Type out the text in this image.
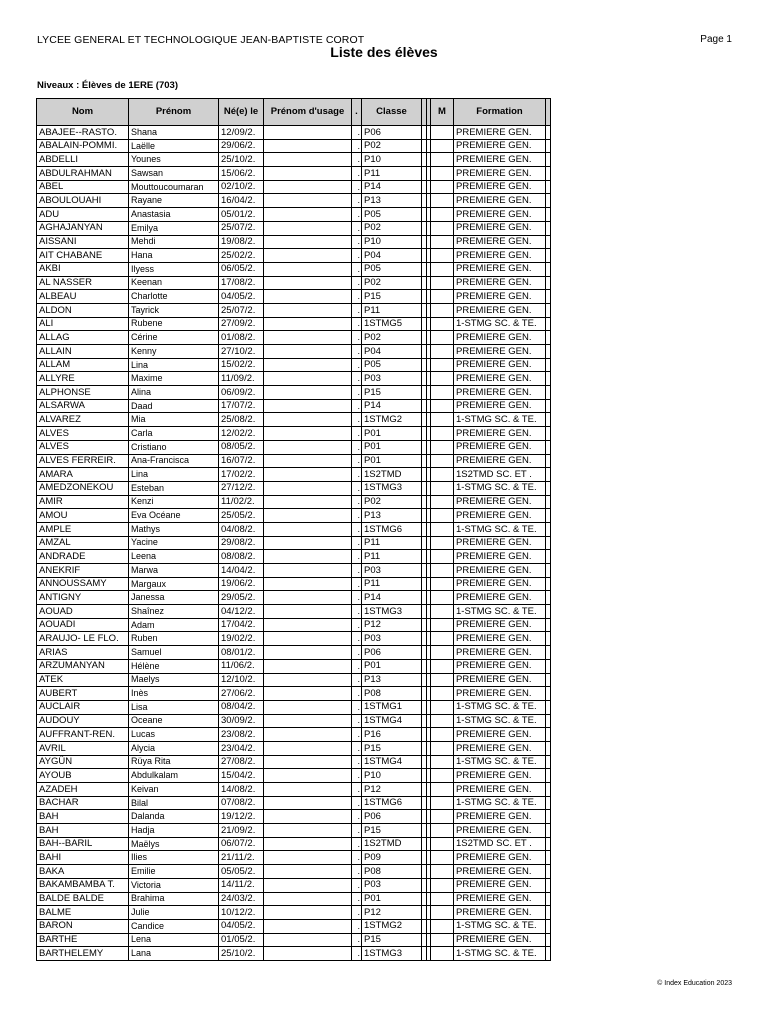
LYCEE GENERAL ET TECHNOLOGIQUE JEAN-BAPTISTE COROT	Page 1
Liste des élèves
Niveaux : Élèves de 1ERE (703)
Nom	Prénom	Né(e) le	Prénom d'usage	.	Classe			M	Formation	
ABAJEE--RASTO.	Shana	12/09/2.		.	P06				PREMIERE GEN.	
ABALAIN-POMMI.	Laëlle	29/06/2.		.	P02				PREMIERE GEN.	
ABDELLI	Younes	25/10/2.		.	P10				PREMIERE GEN.	
ABDULRAHMAN	Sawsan	15/06/2.		.	P11				PREMIERE GEN.	
ABEL	Mouttoucoumaran	02/10/2.		.	P14				PREMIERE GEN.	
ABOULOUAHI	Rayane	16/04/2.		.	P13				PREMIERE GEN.	
ADU	Anastasia	05/01/2.		.	P05				PREMIERE GEN.	
AGHAJANYAN	Emilya	25/07/2.		.	P02				PREMIERE GEN.	
AISSANI	Mehdi	19/08/2.		.	P10				PREMIERE GEN.	
AIT CHABANE	Hana	25/02/2.		.	P04				PREMIERE GEN.	
AKBI	Ilyess	06/05/2.		.	P05				PREMIERE GEN.	
AL NASSER	Keenan	17/08/2.		.	P02				PREMIERE GEN.	
ALBEAU	Charlotte	04/05/2.		.	P15				PREMIERE GEN.	
ALDON	Tayrick	25/07/2.		.	P11				PREMIERE GEN.	
ALI	Rubene	27/09/2.		.	1STMG5				1-STMG SC. & TE.	
ALLAG	Cérine	01/08/2.		.	P02				PREMIERE GEN.	
ALLAIN	Kenny	27/10/2.		.	P04				PREMIERE GEN.	
ALLAM	Lina	15/02/2.		.	P05				PREMIERE GEN.	
ALLYRE	Maxime	11/09/2.		.	P03				PREMIERE GEN.	
ALPHONSE	Alina	06/09/2.		.	P15				PREMIERE GEN.	
ALSARWA	Daad	17/07/2.		.	P14				PREMIERE GEN.	
ALVAREZ	Mia	25/08/2.		.	1STMG2				1-STMG SC. & TE.	
ALVES	Carla	12/02/2.		.	P01				PREMIERE GEN.	
ALVES	Cristiano	08/05/2.		.	P01				PREMIERE GEN.	
ALVES FERREIR.	Ana-Francisca	16/07/2.		.	P01				PREMIERE GEN.	
AMARA	Lina	17/02/2.		.	1S2TMD				1S2TMD SC. ET .	
AMEDZONEKOU	Esteban	27/12/2.		.	1STMG3				1-STMG SC. & TE.	
AMIR	Kenzi	11/02/2.		.	P02				PREMIERE GEN.	
AMOU	Eva Océane	25/05/2.		.	P13				PREMIERE GEN.	
AMPLE	Mathys	04/08/2.		.	1STMG6				1-STMG SC. & TE.	
AMZAL	Yacine	29/08/2.		.	P11				PREMIERE GEN.	
ANDRADE	Leena	08/08/2.		.	P11				PREMIERE GEN.	
ANEKRIF	Marwa	14/04/2.		.	P03				PREMIERE GEN.	
ANNOUSSAMY	Margaux	19/06/2.		.	P11				PREMIERE GEN.	
ANTIGNY	Janessa	29/05/2.		.	P14				PREMIERE GEN.	
AOUAD	Shaînez	04/12/2.		.	1STMG3				1-STMG SC. & TE.	
AOUADI	Adam	17/04/2.		.	P12				PREMIERE GEN.	
ARAUJO- LE FLO.	Ruben	19/02/2.		.	P03				PREMIERE GEN.	
ARIAS	Samuel	08/01/2.		.	P06				PREMIERE GEN.	
ARZUMANYAN	Hélène	11/06/2.		.	P01				PREMIERE GEN.	
ATEK	Maelys	12/10/2.		.	P13				PREMIERE GEN.	
AUBERT	Inès	27/06/2.		.	P08				PREMIERE GEN.	
AUCLAIR	Lisa	08/04/2.		.	1STMG1				1-STMG SC. & TE.	
AUDOUY	Oceane	30/09/2.		.	1STMG4				1-STMG SC. & TE.	
AUFFRANT-REN.	Lucas	23/08/2.		.	P16				PREMIERE GEN.	
AVRIL	Alycia	23/04/2.		.	P15				PREMIERE GEN.	
AYGÜN	Rüya Rita	27/08/2.		.	1STMG4				1-STMG SC. & TE.	
AYOUB	Abdulkalam	15/04/2.		.	P10				PREMIERE GEN.	
AZADEH	Keivan	14/08/2.		.	P12				PREMIERE GEN.	
BACHAR	Bilal	07/08/2.		.	1STMG6				1-STMG SC. & TE.	
BAH	Dalanda	19/12/2.		.	P06				PREMIERE GEN.	
BAH	Hadja	21/09/2.		.	P15				PREMIERE GEN.	
BAH--BARIL	Maëlys	06/07/2.		.	1S2TMD				1S2TMD SC. ET .	
BAHI	Ilies	21/11/2.		.	P09				PREMIERE GEN.	
BAKA	Emilie	05/05/2.		.	P08				PREMIERE GEN.	
BAKAMBAMBA T.	Victoria	14/11/2.		.	P03				PREMIERE GEN.	
BALDE BALDE	Brahima	24/03/2.		.	P01				PREMIERE GEN.	
BALME	Julie	10/12/2.		.	P12				PREMIERE GEN.	
BARON	Candice	04/05/2.		.	1STMG2				1-STMG SC. & TE.	
BARTHE	Lena	01/05/2.		.	P15				PREMIERE GEN.	
BARTHELEMY	Lana	25/10/2.		.	1STMG3				1-STMG SC. & TE.	
© Index Education 2023
